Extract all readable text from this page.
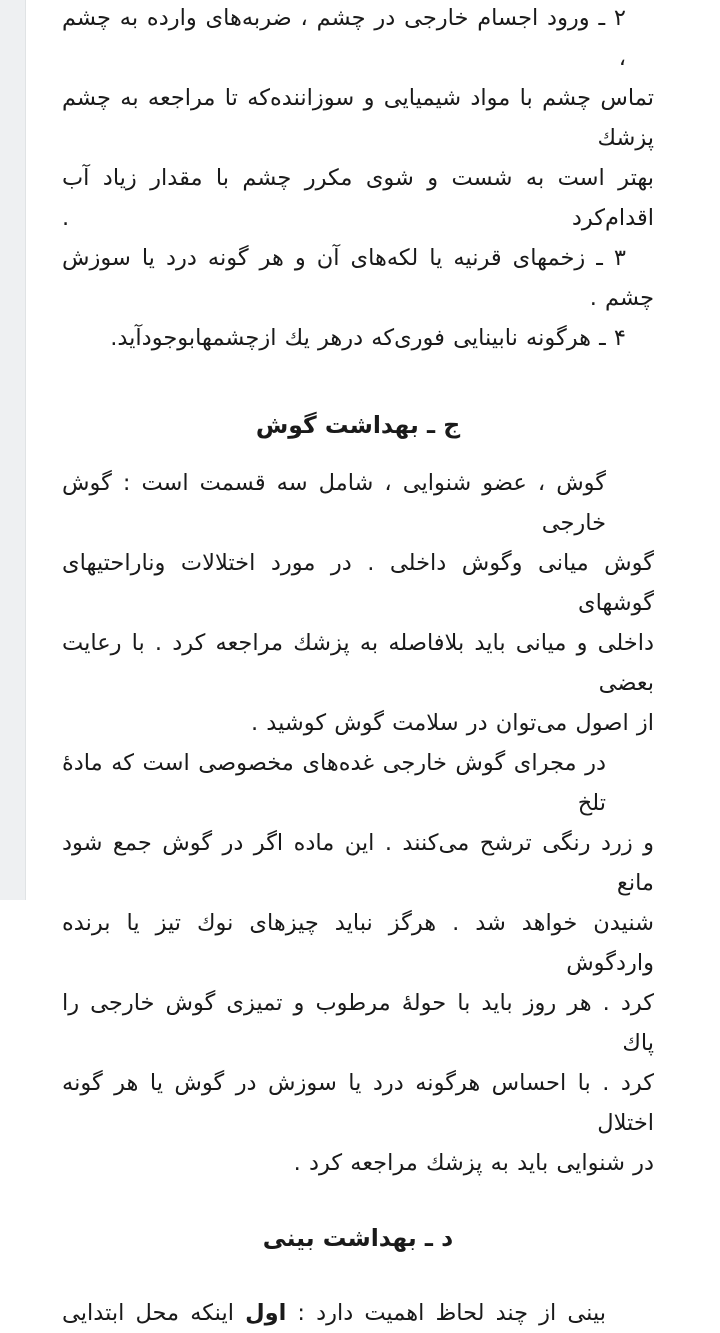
۲ ـ ورود اجسام خارجی در چشم ، ضربه‌های وارده به چشم ،
تماس چشم با مواد شیمیایی و سوزاننده‌که تا مراجعه به چشم پزشك
بهتر است به شست و شوی مکرر چشم با مقدار زیاد آب اقدام‌کرد .
۳ ـ زخمهای قرنیه یا لکه‌های آن و هر گونه درد یا سوزش
چشم .
۴ ـ هرگونه نابینایی فوری‌که درهر یك ازچشمهابوجودآید.
ج ـ بهداشت گوش
گوش ، عضو شنوایی ، شامل سه قسمت است : گوش خارجی
گوش میانی وگوش داخلی . در مورد اختلالات وناراحتیهای گوشهای
داخلی و میانی باید بلافاصله به پزشك مراجعه کرد . با رعایت بعضی
از اصول می‌توان در سلامت گوش کوشید .
در مجرای گوش خارجی غده‌های مخصوصی است که مادهٔ تلخ
و زرد رنگی ترشح می‌کنند . این ماده اگر در گوش جمع شود مانع
شنیدن خواهد شد . هرگز نباید چیزهای نوك تیز یا برنده واردگوش
کرد . هر روز باید با حولهٔ مرطوب و تمیزی گوش خارجی را پاك
کرد . با احساس هرگونه درد یا سوزش در گوش یا هر گونه اختلال
در شنوایی باید به پزشك مراجعه کرد .
د ـ بهداشت بینی
بینی از چند لحاظ اهمیت دارد : اول اینکه محل ابتدایی
